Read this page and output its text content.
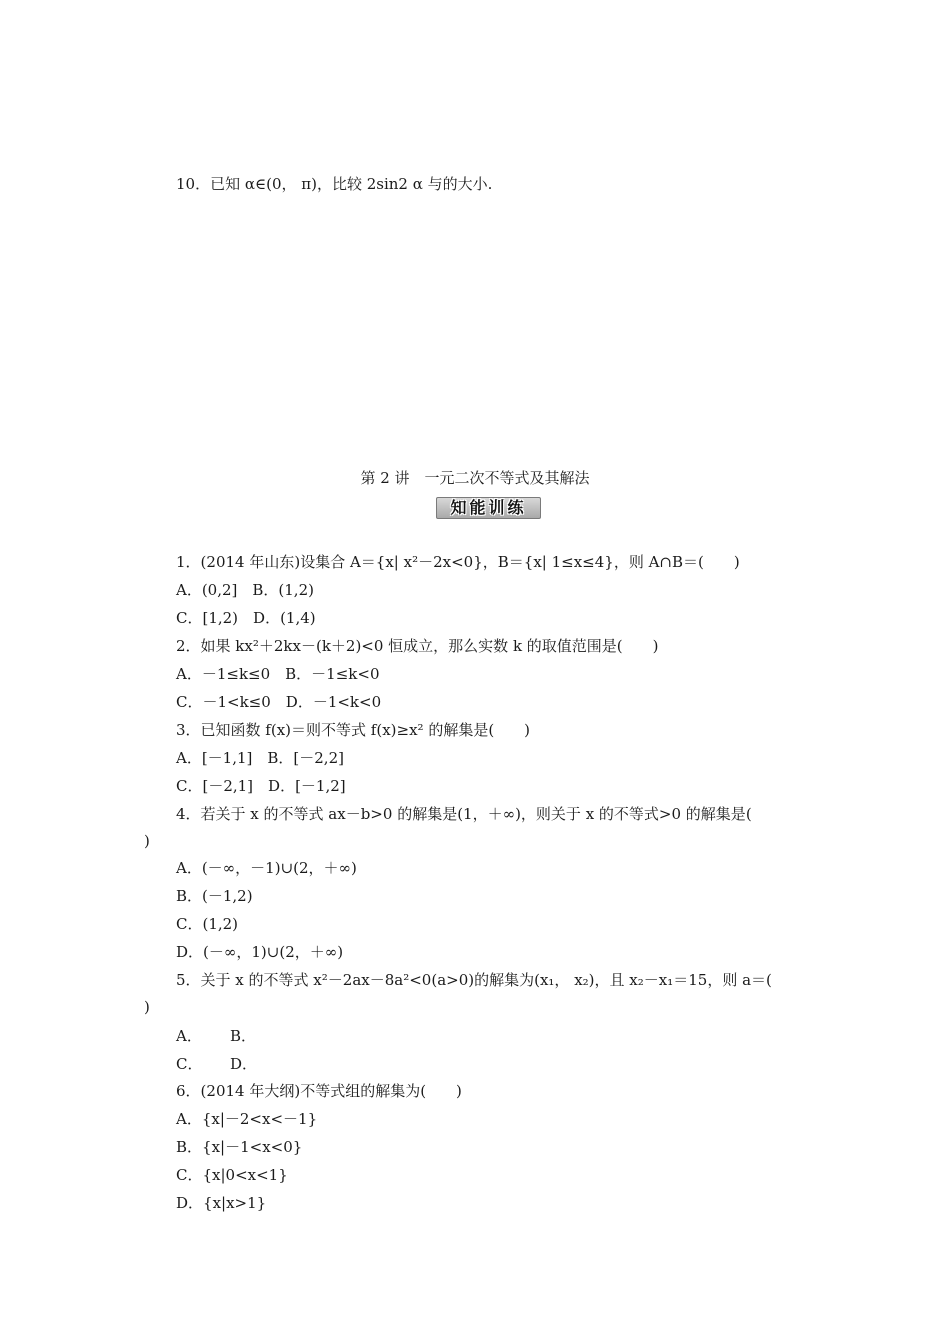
10．已知 α∈(0， π)，比较 2sin2 α 与的大小.
第 2 讲　一元二次不等式及其解法
知能训练
1．(2014 年山东)设集合 A＝{x| x²－2x<0}，B＝{x| 1≤x≤4}，则 A∩B＝(　　)
A．(0,2]　B．(1,2)
C．[1,2)　D．(1,4)
2．如果 kx²＋2kx－(k＋2)<0 恒成立，那么实数 k 的取值范围是(　　)
A．－1≤k≤0　B．－1≤k<0
C．－1<k≤0　D．－1<k<0
3．已知函数 f(x)＝则不等式 f(x)≥x² 的解集是(　　)
A．[－1,1]　B．[－2,2]
C．[－2,1]　D．[－1,2]
4．若关于 x 的不等式 ax－b>0 的解集是(1，＋∞)，则关于 x 的不等式>0 的解集是(
)
A．(－∞，－1)∪(2，＋∞)
B．(－1,2)
C．(1,2)
D．(－∞，1)∪(2，＋∞)
5．关于 x 的不等式 x²－2ax－8a²<0(a>0)的解集为(x₁， x₂)，且 x₂－x₁＝15，则 a＝(
)
A． B．
C． D．
6．(2014 年大纲)不等式组的解集为(　　)
A．{x|－2<x<－1}
B．{x|－1<x<0}
C．{x|0<x<1}
D．{x|x>1}
